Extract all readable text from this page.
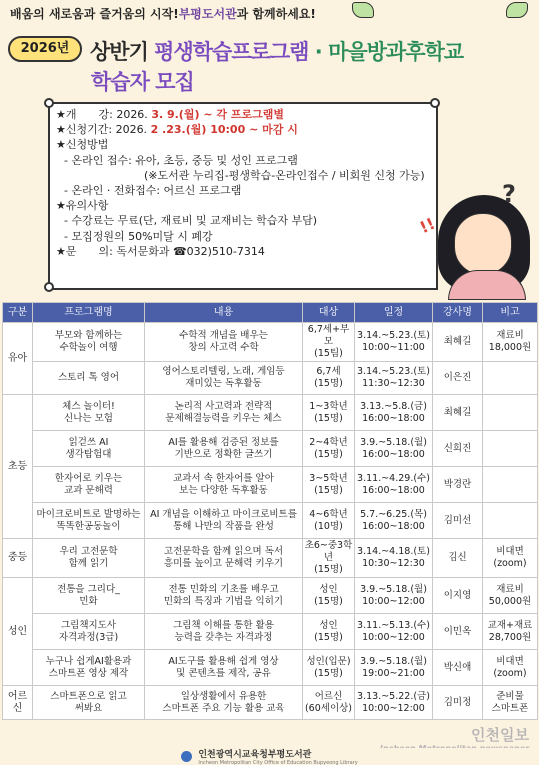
배움의 새로움과 즐거움의 시작! 부평도서관 과 함께하세요!
2026년 상반기 평생학습프로그램 · 마을방과후학교
학습자 모집
★개　　강: 2026. 3. 9.(월) ~ 각 프로그램별
★신청기간: 2026. 2 .23.(월) 10:00 ~ 마감 시
★신청방법
- 온라인 접수: 유아, 초등, 중등 및 성인 프로그램
(※도서관 누리집-평생학습-온라인접수 / 비회원 신청 가능)
- 온라인 · 전화접수: 어르신 프로그램
★유의사항
- 수강료는 무료(단, 재료비 및 교재비는 학습자 부담)
- 모집정원의 50%미달 시 폐강
★문　　의: 독서문화과 ☎032)510-7314
?
!!
구분	프로그램명	내용	대상	일정	강사명	비고
유아	부모와 함께하는
수학놀이 여행	수학적 개념을 배우는
창의 사고력 수학	6,7세+부모
(15팀)	3.14.~5.23.(토)
10:00~11:00	최혜길	재료비
18,000원
	스토리 톡 영어	영어스토리텔링, 노래, 게임등
재미있는 독후활동	6,7세
(15명)	3.14.~5.23.(토)
11:30~12:30	이은진	
초등	체스 놀이터!
신나는 모험	논리적 사고력과 전략적
문제해결능력을 키우는 체스	1~3학년
(15명)	3.13.~5.8.(금)
16:00~18:00	최혜길	
	읽걷쓰 AI
생각탐험대	AI를 활용해 검증된 정보를
기반으로 정확한 글쓰기	2~4학년
(15명)	3.9.~5.18.(월)
16:00~18:00	신희진	
	한자어로 키우는
교과 문해력	교과서 속 한자어를 알아
보는 다양한 독후활동	3~5학년
(15명)	3.11.~4.29.(수)
16:00~18:00	박경란	
	마이크로비트로 발명하는
똑똑한공동놀이	AI 개념을 이해하고 마이크로비트를
통해 나만의 작품을 완성	4~6학년
(10명)	5.7.~6.25.(목)
16:00~18:00	김미선	
중등	우리 고전문학
함께 읽기	고전문학을 함께 읽으며 독서
흥미를 높이고 문해력 키우기	초6~중3학년
(15명)	3.14.~4.18.(토)
10:30~12:30	김신	비대면
(zoom)
성인	전통을 그리다_
민화	전통 민화의 기초를 배우고
민화의 특징과 기법을 익히기	성인
(15명)	3.9.~5.18.(월)
10:00~12:00	이지영	재료비
50,000원
	그림책지도사
자격과정(3급)	그림책 이해를 통한 활용
능력을 갖추는 자격과정	성인
(15명)	3.11.~5.13.(수)
10:00~12:00	이민옥	교재+재료
28,700원
	누구나 쉽게AI활용과
스마트폰 영상 제작	AI도구를 활용해 쉽게 영상
및 콘텐츠를 제작, 공유	성인(입문)
(15명)	3.9.~5.18.(월)
19:00~21:00	박신애	비대면
(zoom)
어르신	스마트폰으로 읽고
써봐요	일상생활에서 유용한
스마트폰 주요 기능 활용 교육	어르신
(60세이상)	3.13.~5.22.(금)
10:00~12:00	김미정	준비물
스마트폰
인천일보
인천광역시교육청부평도서관
Incheon Metropolitan City Office of Education Bupyeong Library
